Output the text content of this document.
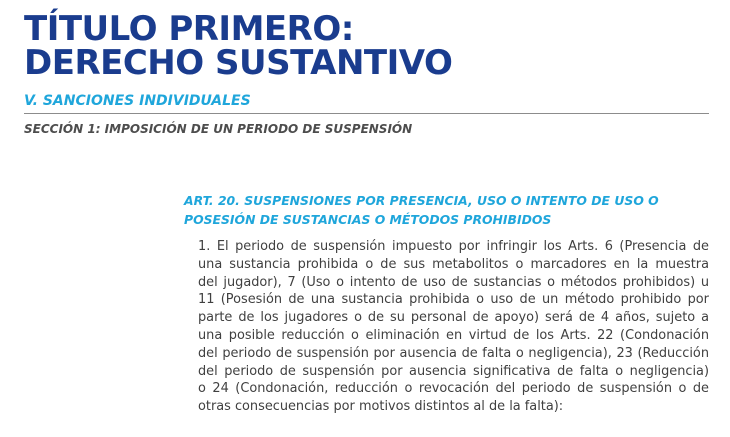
TÍTULO PRIMERO:
DERECHO SUSTANTIVO
V. SANCIONES INDIVIDUALES
SECCIÓN 1: IMPOSICIÓN DE UN PERIODO DE SUSPENSIÓN
ART. 20. SUSPENSIONES POR PRESENCIA, USO O INTENTO DE USO O
POSESIÓN DE SUSTANCIAS O MÉTODOS PROHIBIDOS
1. El periodo de suspensión impuesto por infringir los Arts. 6 (Presencia de
una sustancia prohibida o de sus metabolitos o marcadores en la muestra
del jugador), 7 (Uso o intento de uso de sustancias o métodos prohibidos) u
11 (Posesión de una sustancia prohibida o uso de un método prohibido por
parte de los jugadores o de su personal de apoyo) será de 4 años, sujeto a
una posible reducción o eliminación en virtud de los Arts. 22 (Condonación
del periodo de suspensión por ausencia de falta o negligencia), 23 (Reducción
del periodo de suspensión por ausencia significativa de falta o negligencia)
o 24 (Condonación, reducción o revocación del periodo de suspensión o de
otras consecuencias por motivos distintos al de la falta):
